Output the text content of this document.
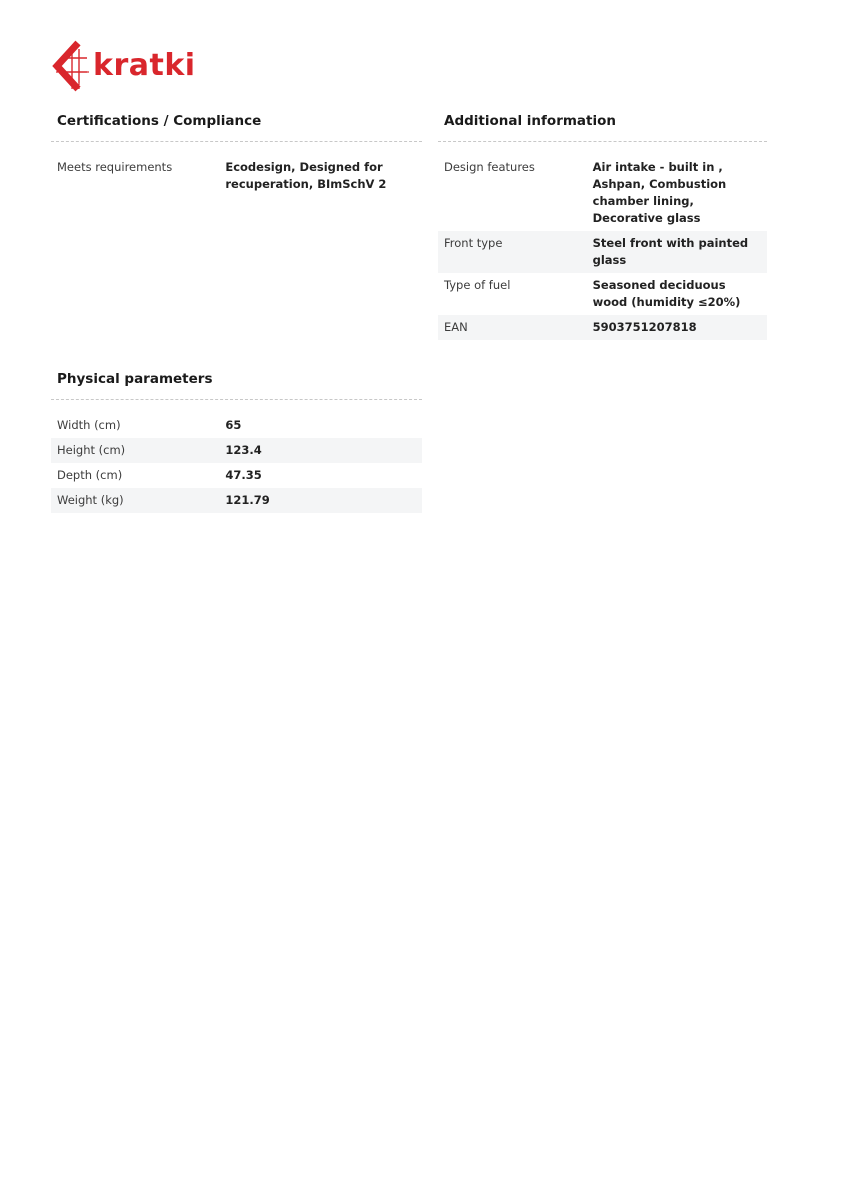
kratki
Certifications / Compliance
Meets requirements	Ecodesign, Designed for recuperation, BImSchV 2
Additional information
Design features	Air intake - built in , Ashpan, Combustion chamber lining, Decorative glass
Front type	Steel front with painted glass
Type of fuel	Seasoned deciduous wood (humidity ≤20%)
EAN	5903751207818
Physical parameters
Width (cm)	65
Height (cm)	123.4
Depth (cm)	47.35
Weight (kg)	121.79
